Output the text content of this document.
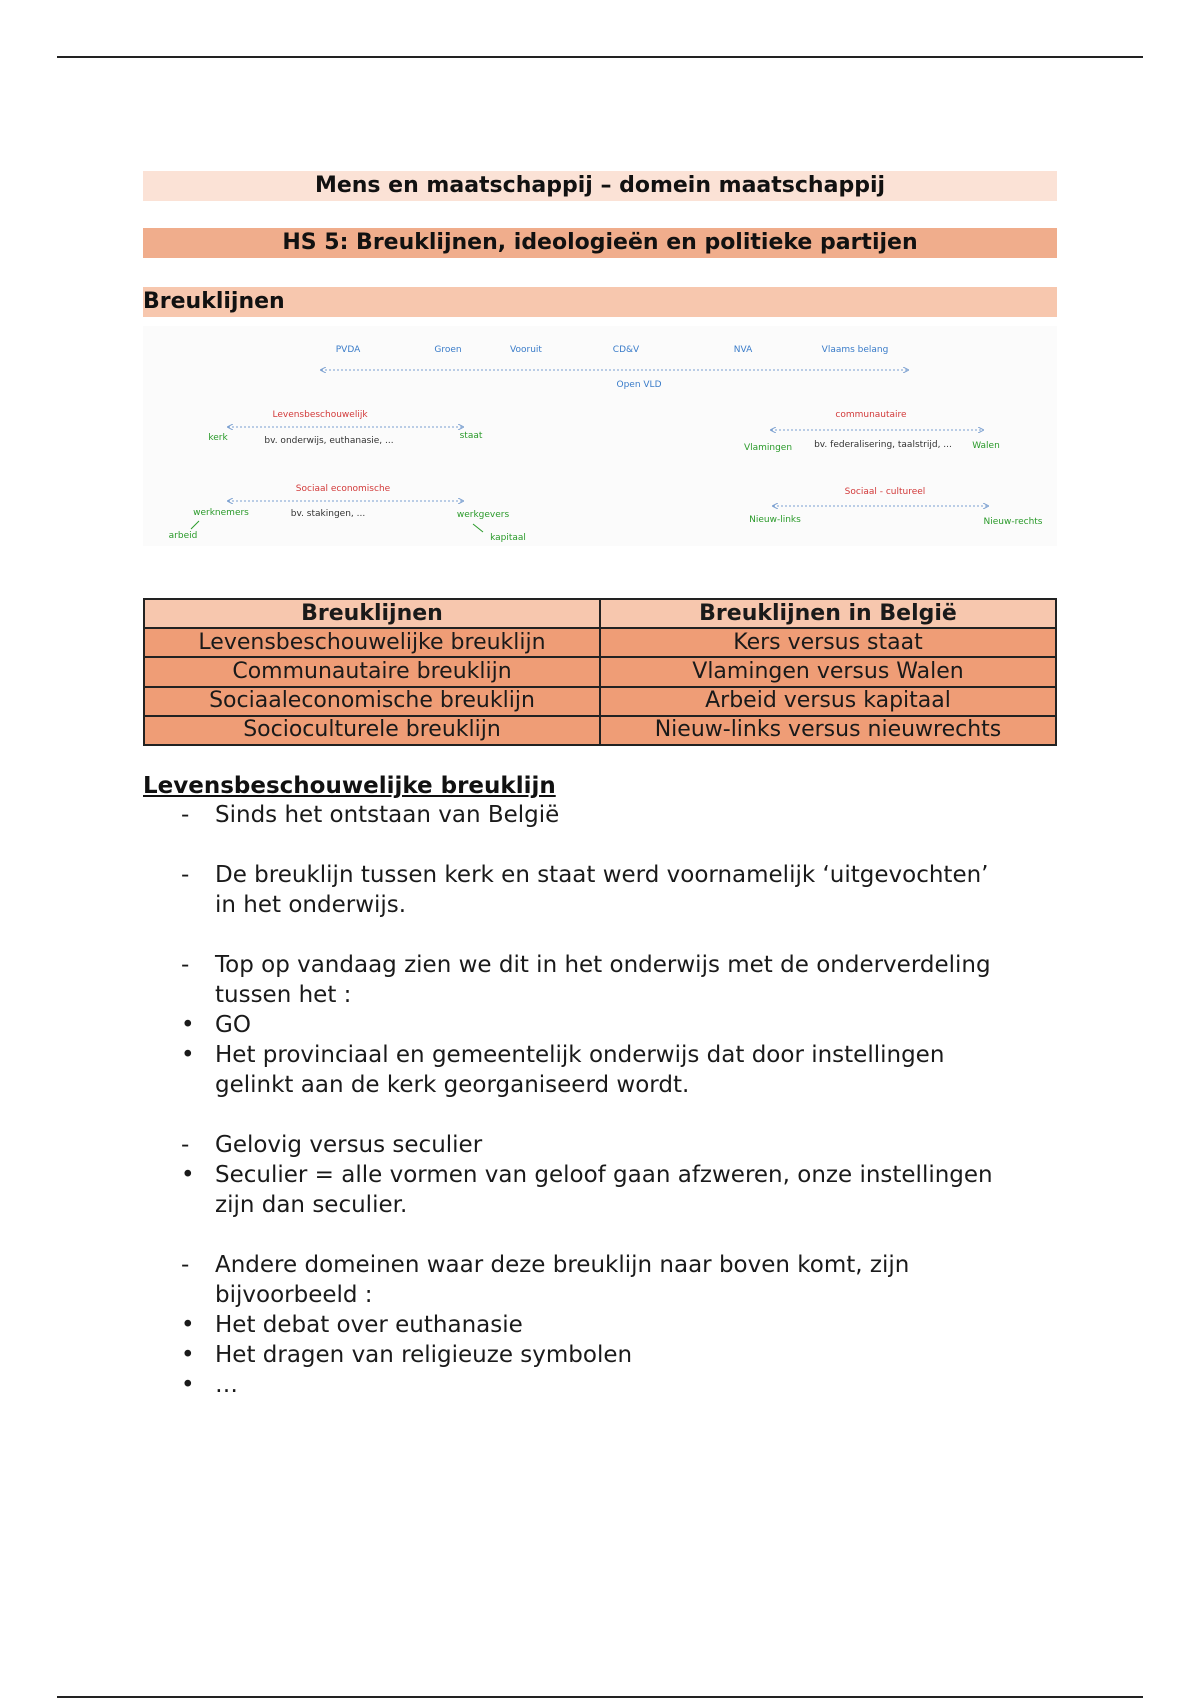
Mens en maatschappij – domein maatschappij
HS 5: Breuklijnen, ideologieën en politieke partijen
Breuklijnen
PVDA	Groen	Vooruit	CD&V	NVA	Vlaams belang
Open VLD
Levensbeschouwelijk
kerk	staat
bv. onderwijs, euthanasie, ...
communautaire
Vlamingen	Walen
bv. federalisering, taalstrijd, ...
Sociaal economische
werknemers
arbeid
werkgevers
kapitaal
bv. stakingen, ...
Sociaal - cultureel
Nieuw-links	Nieuw-rechts
Breuklijnen	Breuklijnen in België
Levensbeschouwelijke breuklijn	Kers versus staat
Communautaire breuklijn	Vlamingen versus Walen
Sociaaleconomische breuklijn	Arbeid versus kapitaal
Socioculturele breuklijn	Nieuw-links versus nieuwrechts
Levensbeschouwelijke breuklijn
-	Sinds het ontstaan van België
-	De breuklijn tussen kerk en staat werd voornamelijk ‘uitgevochten’
in het onderwijs.
-	Top op vandaag zien we dit in het onderwijs met de onderverdeling
tussen het :
• GO
• Het provinciaal en gemeentelijk onderwijs dat door instellingen
gelinkt aan de kerk georganiseerd wordt.
-	Gelovig versus seculier
• Seculier = alle vormen van geloof gaan afzweren, onze instellingen
zijn dan seculier.
-	Andere domeinen waar deze breuklijn naar boven komt, zijn
bijvoorbeeld :
• Het debat over euthanasie
• Het dragen van religieuze symbolen
• …
